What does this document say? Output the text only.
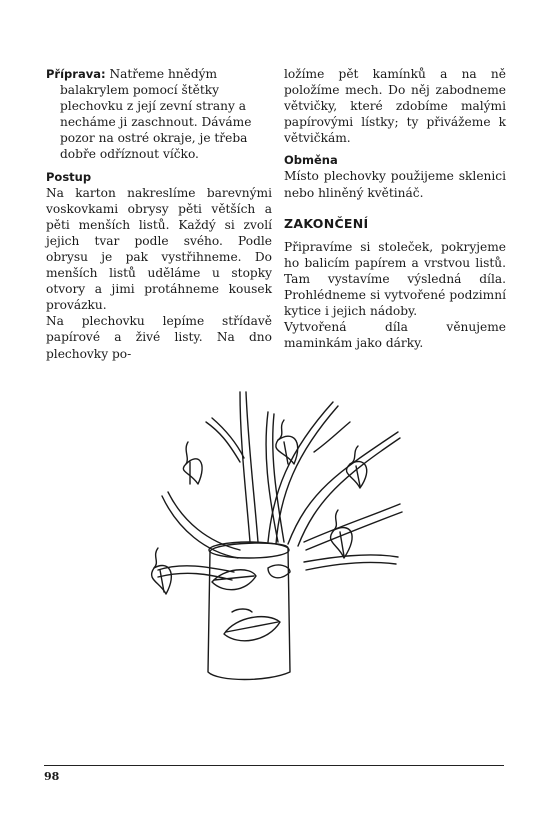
Příprava: Natřeme hnědým
balakrylem pomocí štětky plechovku z její zevní strany a necháme ji zaschnout. Dáváme pozor na ostré okraje, je třeba dobře odříznout víčko.

Postup

Na karton nakreslíme barevnými voskovkami obrysy pěti větších a pěti menších listů. Každý si zvolí jejich tvar podle svého. Podle obrysu je pak vystřihneme. Do menších listů uděláme u stopky otvory a jimi protáhneme kousek provázku.

Na plechovku lepíme střídavě papírové a živé listy. Na dno plechovky po-

ložíme pět kamínků a na ně položíme mech. Do něj zabodneme větvičky, které zdobíme malými papírovými lístky; ty přivážeme k větvičkám.

Obměna

Místo plechovky použijeme sklenici nebo hliněný květináč.

ZAKONČENÍ

Připravíme si stoleček, pokryjeme ho balicím papírem a vrstvou listů. Tam vystavíme výsledná díla. Prohlédneme si vytvořené podzimní kytice i jejich nádoby.

Vytvořená díla věnujeme maminkám jako dárky.

98
